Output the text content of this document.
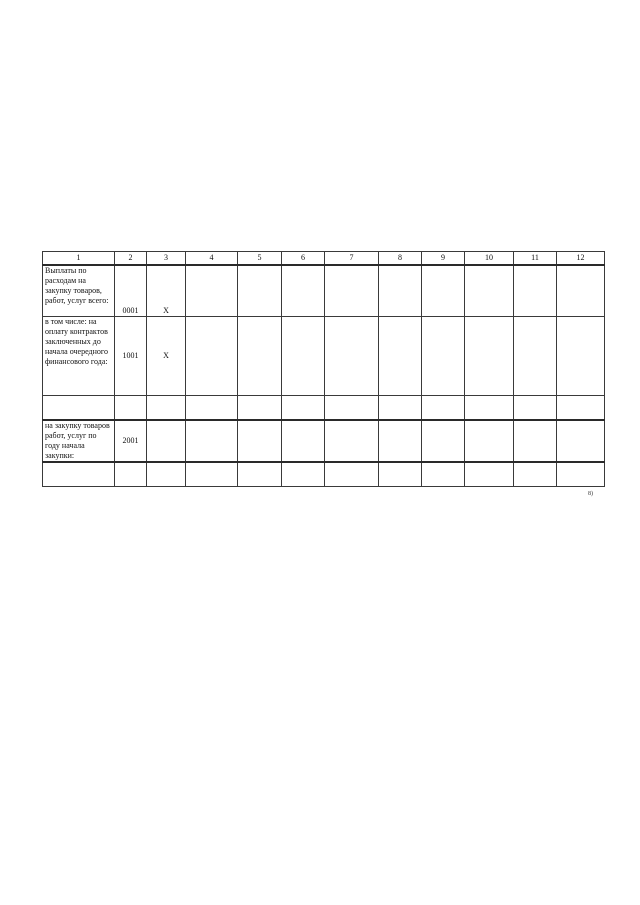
1	2	3	4	5	6	7	8	9	10	11	12
Выплаты по расходам на закупку товаров, работ, услуг всего:	0001	X									
в том числе: на оплату контрактов заключенных до начала очередного финансового года:	1001	X									

на закупку товаров работ, услуг по году начала закупки:	2001										

8)
